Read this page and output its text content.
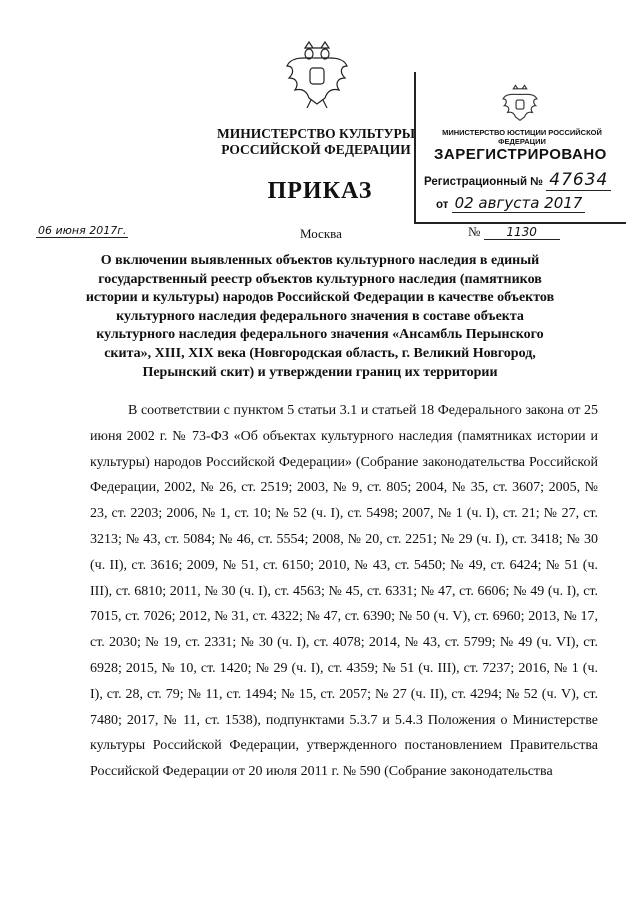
МИНИСТЕРСТВО КУЛЬТУРЫ
РОССИЙСКОЙ ФЕДЕРАЦИИ
МИНИСТЕРСТВО ЮСТИЦИИ РОССИЙСКОЙ ФЕДЕРАЦИИ
ЗАРЕГИСТРИРОВАНО
Регистрационный № 47634
от 02 августа 2017
ПРИКАЗ
06 июня 2017г.	Москва	№ 1130
О включении выявленных объектов культурного наследия в единый государственный реестр объектов культурного наследия (памятников истории и культуры) народов Российской Федерации в качестве объектов культурного наследия федерального значения в составе объекта культурного наследия федерального значения «Ансамбль Перынского скита», XIII, XIX века (Новгородская область, г. Великий Новгород, Перынский скит) и утверждении границ их территории
В соответствии с пунктом 5 статьи 3.1 и статьей 18 Федерального закона от 25 июня 2002 г. № 73-ФЗ «Об объектах культурного наследия (памятниках истории и культуры) народов Российской Федерации» (Собрание законодательства Российской Федерации, 2002, № 26, ст. 2519; 2003, № 9, ст. 805; 2004, № 35, ст. 3607; 2005, № 23, ст. 2203; 2006, № 1, ст. 10; № 52 (ч. I), ст. 5498; 2007, № 1 (ч. I), ст. 21; № 27, ст. 3213; № 43, ст. 5084; № 46, ст. 5554; 2008, № 20, ст. 2251; № 29 (ч. I), ст. 3418; № 30 (ч. II), ст. 3616; 2009, № 51, ст. 6150; 2010, № 43, ст. 5450; № 49, ст. 6424; № 51 (ч. III), ст. 6810; 2011, № 30 (ч. I), ст. 4563; № 45, ст. 6331; № 47, ст. 6606; № 49 (ч. I), ст. 7015, ст. 7026; 2012, № 31, ст. 4322; № 47, ст. 6390; № 50 (ч. V), ст. 6960; 2013, № 17, ст. 2030; № 19, ст. 2331; № 30 (ч. I), ст. 4078; 2014, № 43, ст. 5799; № 49 (ч. VI), ст. 6928; 2015, № 10, ст. 1420; № 29 (ч. I), ст. 4359; № 51 (ч. III), ст. 7237; 2016, № 1 (ч. I), ст. 28, ст. 79; № 11, ст. 1494; № 15, ст. 2057; № 27 (ч. II), ст. 4294; № 52 (ч. V), ст. 7480; 2017, № 11, ст. 1538), подпунктами 5.3.7 и 5.4.3 Положения о Министерстве культуры Российской Федерации, утвержденного постановлением Правительства Российской Федерации от 20 июля 2011 г. № 590 (Собрание законодательства
